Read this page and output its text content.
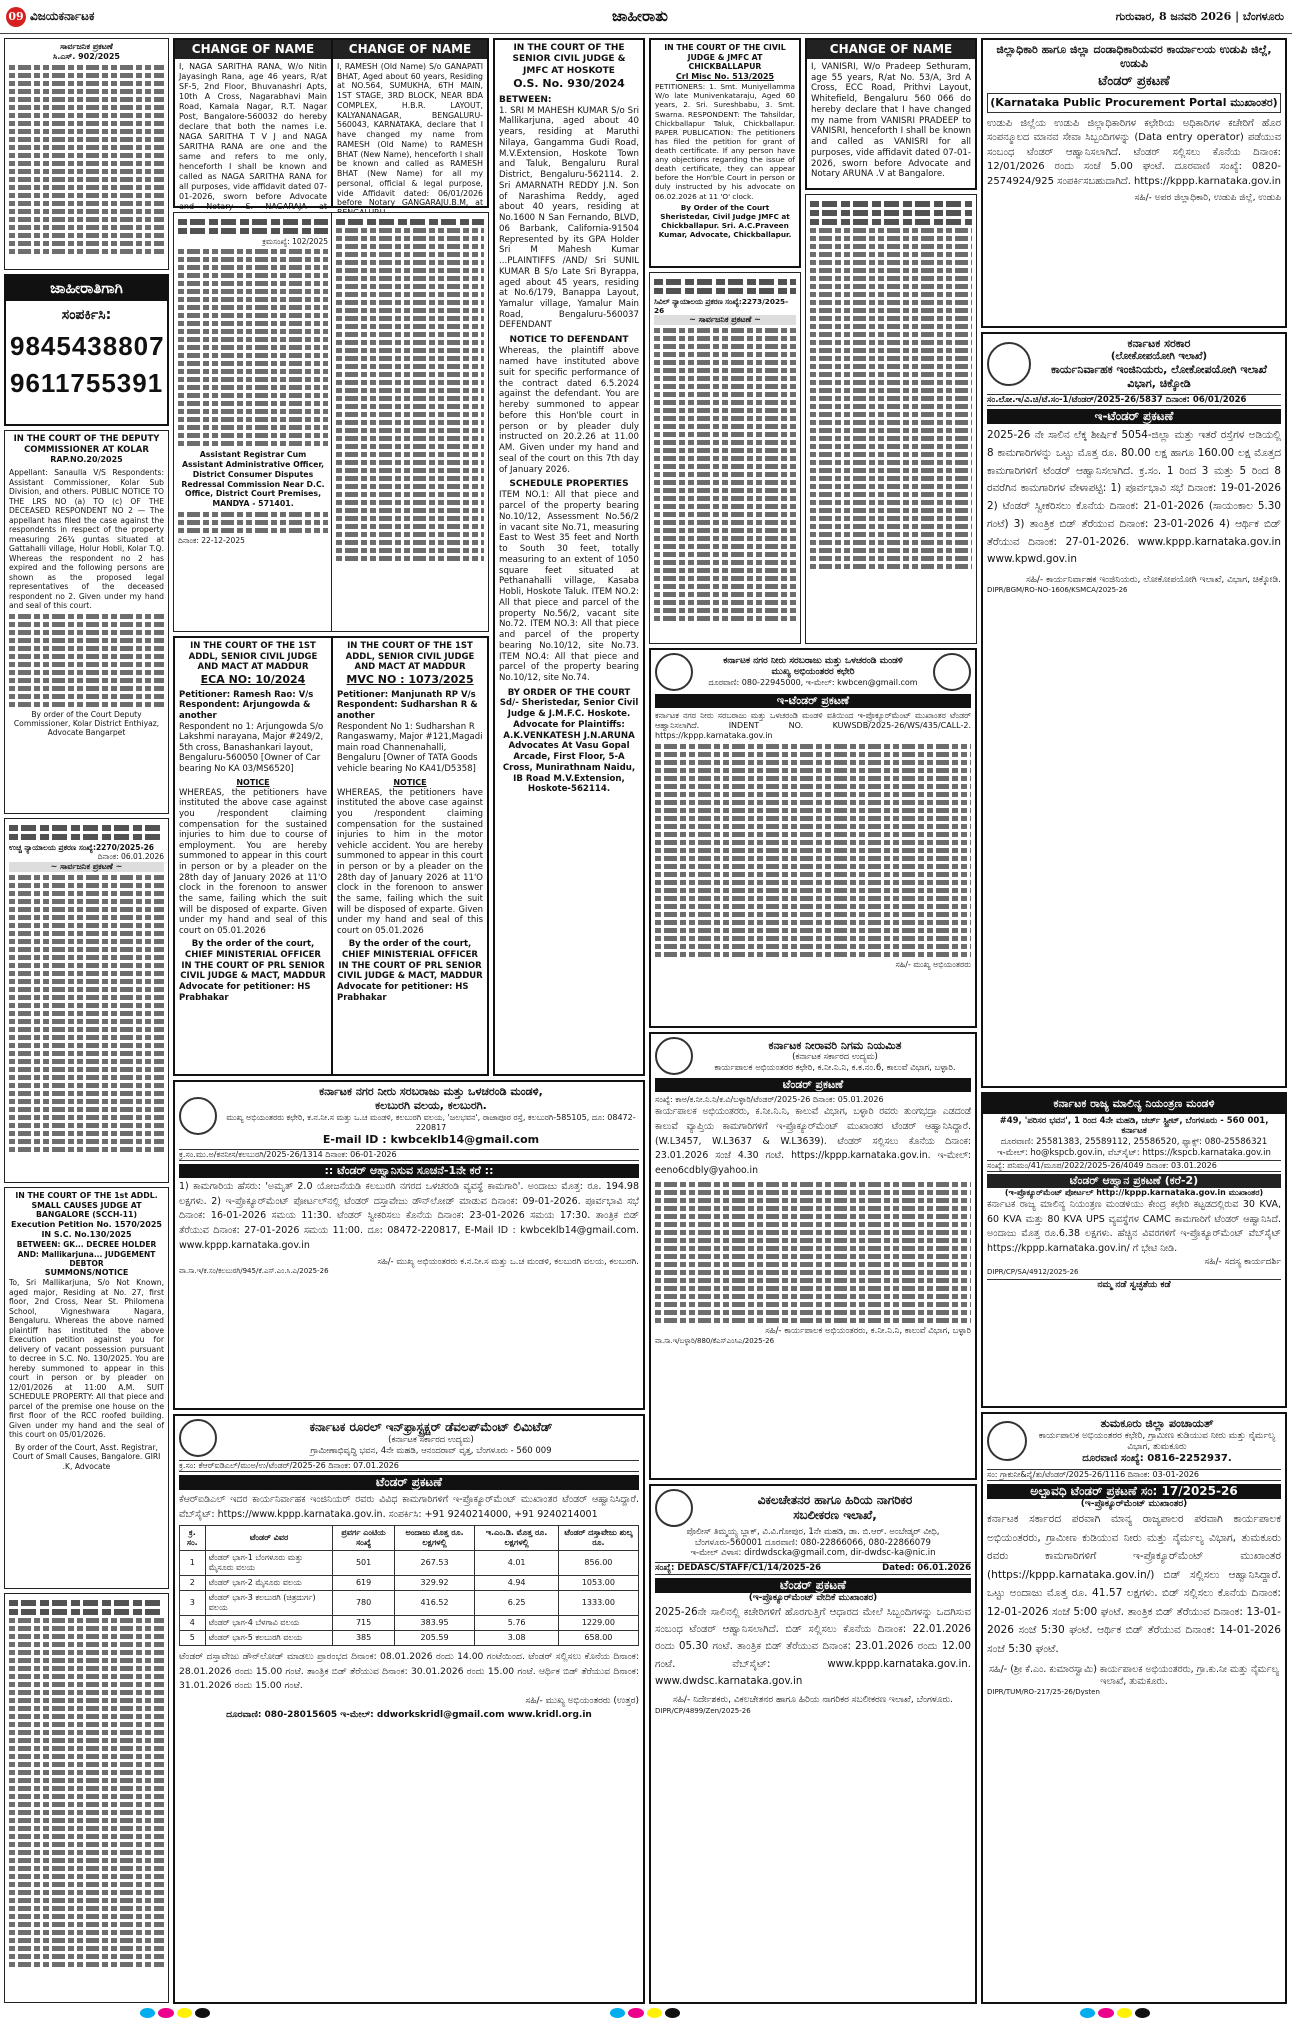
09 ವಿಜಯಕರ್ನಾಟಕ	ಜಾಹೀರಾತು	ಗುರುವಾರ, 8 ಜನವರಿ 2026 | ಬೆಂಗಳೂರು
ಸಾರ್ವಜನಿಕ ಪ್ರಕಟಣೆ
ಸಿ.ಎಸ್. 902/2025
ಜಾಹೀರಾತಿಗಾಗಿ
ಸಂಪರ್ಕಿಸಿ:
9845438807
9611755391
IN THE COURT OF THE DEPUTY COMMISSIONER AT KOLAR
RAP.NO.20/2025
Appellant: Sanaulla V/S Respondents: Assistant Commissioner, Kolar Sub Division, and others. PUBLIC NOTICE TO THE LRS NO (a) TO (c) OF THE DECEASED RESPONDENT NO 2 — The appellant has filed the case against the respondents in respect of the property measuring 26¾ guntas situated at Gattahalli village, Holur Hobli, Kolar T.Q. Whereas the respondent no 2 has expired and the following persons are shown as the proposed legal representatives of the deceased respondent no 2. Given under my hand and seal of this court.
By order of the Court Deputy Commissioner, Kolar District Enthiyaz, Advocate Bangarpet
ಉಚ್ಚ ನ್ಯಾಯಾಲಯ ಪ್ರಕರಣ ಸಂಖ್ಯೆ:2270/2025-26
ದಿನಾಂಕ: 06.01.2026
~ ಸಾರ್ವಜನಿಕ ಪ್ರಕಟಣೆ ~
IN THE COURT OF THE 1st ADDL. SMALL CAUSES JUDGE AT BANGALORE (SCCH-11)
Execution Petition No. 1570/2025 IN S.C. No.130/2025
BETWEEN: GK... DECREE HOLDER AND: Mallikarjuna... JUDGEMENT DEBTOR
SUMMONS/NOTICE
To, Sri Mallikarjuna, S/o Not Known, aged major, Residing at No. 27, first floor, 2nd Cross, Near St. Philomena School, Vigneshwara Nagara, Bengaluru. Whereas the above named plaintiff has instituted the above Execution petition against you for delivery of vacant possession pursuant to decree in S.C. No. 130/2025. You are hereby summoned to appear in this court in person or by pleader on 12/01/2026 at 11:00 A.M. SUIT SCHEDULE PROPERTY: All that piece and parcel of the premise one house on the first floor of the RCC roofed building. Given under my hand and the seal of this court on 05/01/2026.
By order of the Court, Asst. Registrar, Court of Small Causes, Bangalore. GIRI .K, Advocate
CHANGE OF NAME
I, NAGA SARITHA RANA, W/o Nitin Jayasingh Rana, age 46 years, R/at SF-5, 2nd Floor, Bhuvanashri Apts, 10th A Cross, Nagarabhavi Main Road, Kamala Nagar, R.T. Nagar Post, Bangalore-560032 do hereby declare that both the names i.e. NAGA SARITHA T V J and NAGA SARITHA RANA are one and the same and refers to me only, henceforth I shall be known and called as NAGA SARITHA RANA for all purposes, vide affidavit dated 07-01-2026, sworn before Advocate and Notary S. NAGARAJA at
ಕ್ರಮಸಂಖ್ಯೆ: 102/2025
Assistant Registrar Cum Assistant Administrative Officer, District Consumer Disputes Redressal Commission Near D.C. Office, District Court Premises, MANDYA - 571401.
ದಿನಾಂಕ: 22-12-2025
IN THE COURT OF THE 1ST ADDL, SENIOR CIVIL JUDGE AND MACT AT MADDUR
ECA NO: 10/2024
Petitioner: Ramesh Rao: V/s
Respondent: Arjungowda & another
Respondent no 1: Arjungowda S/o Lakshmi narayana, Major #249/2, 5th cross, Banashankari layout, Bengaluru-560050 [Owner of Car bearing No KA 03/MS6520]
NOTICE
WHEREAS, the petitioners have instituted the above case against you /respondent claiming compensation for the sustained injuries to him due to course of employment. You are hereby summoned to appear in this court in person or by a pleader on the 28th day of January 2026 at 11'O clock in the forenoon to answer the same, failing which the suit will be disposed of exparte. Given under my hand and seal of this court on 05.01.2026
By the order of the court, CHIEF MINISTERIAL OFFICER IN THE COURT OF PRL SENIOR CIVIL JUDGE & MACT, MADDUR
Advocate for petitioner: HS Prabhakar
CHANGE OF NAME
I, RAMESH (Old Name) S/o GANAPATI BHAT, Aged about 60 years, Residing at NO.564, SUMUKHA, 6TH MAIN, 1ST STAGE, 3RD BLOCK, NEAR BDA COMPLEX, H.B.R. LAYOUT, KALYANANAGAR, BENGALURU-560043, KARNATAKA, declare that I have changed my name from RAMESH (Old Name) to RAMESH BHAT (New Name), henceforth I shall be known and called as RAMESH BHAT (New Name) for all my personal, official & legal purpose, vide Affidavit dated: 06/01/2026 before Notary GANGARAJU.B.M, at
IN THE COURT OF THE 1ST ADDL, SENIOR CIVIL JUDGE AND MACT AT MADDUR
MVC NO : 1073/2025
Petitioner: Manjunath RP V/s
Respondent: Sudharshan R & another
Respondent No 1: Sudharshan R Rangaswamy, Major #121,Magadi main road Channenahalli, Bengaluru [Owner of TATA Goods vehicle bearing No KA41/D5358]
NOTICE
WHEREAS, the petitioners have instituted the above case against you /respondent claiming compensation for the sustained injuries to him in the motor vehicle accident. You are hereby summoned to appear in this court in person or by a pleader on the 28th day of January 2026 at 11'O clock in the forenoon to answer the same, failing which the suit will be disposed of exparte. Given under my hand and seal of this court on 05.01.2026
By the order of the court, CHIEF MINISTERIAL OFFICER IN THE COURT OF PRL SENIOR CIVIL JUDGE & MACT, MADDUR
Advocate for petitioner: HS Prabhakar
IN THE COURT OF THE SENIOR CIVIL JUDGE & JMFC AT HOSKOTE
O.S. No. 930/2024
BETWEEN:
1. SRI M MAHESH KUMAR S/o Sri Mallikarjuna, aged about 40 years, residing at Maruthi Nilaya, Gangamma Gudi Road, M.V.Extension, Hoskote Town and Taluk, Bengaluru Rural District, Bengaluru-562114. 2. Sri AMARNATH REDDY J.N. Son of Narashima Reddy, aged about 40 years, residing at No.1600 N San Fernando, BLVD, 06 Barbank, California-91504 Represented by its GPA Holder Sri M Mahesh Kumar ...PLAINTIFFS /AND/ Sri SUNIL KUMAR B S/o Late Sri Byrappa, aged about 45 years, residing at No.6/179, Banappa Layout, Yamalur village, Yamalur Main Road, Bengaluru-560037 DEFENDANT
NOTICE TO DEFENDANT
Whereas, the plaintiff above named have instituted above suit for specific performance of the contract dated 6.5.2024 against the defendant. You are hereby summoned to appear before this Hon'ble court in person or by pleader duly instructed on 20.2.26 at 11.00 AM. Given under my hand and seal of the court on this 7th day of January 2026.
SCHEDULE PROPERTIES
ITEM NO.1: All that piece and parcel of the property bearing No.10/12, Assessment No.56/2 in vacant site No.71, measuring East to West 35 feet and North to South 30 feet, totally measuring to an extent of 1050 square feet situated at Pethanahalli village, Kasaba Hobli, Hoskote Taluk. ITEM NO.2: All that piece and parcel of the property No.56/2, vacant site No.72. ITEM NO.3: All that piece and parcel of the property bearing No.10/12, site No.73. ITEM NO.4: All that piece and parcel of the property bearing No.10/12, site No.74.
BY ORDER OF THE COURT Sd/- Sheristedar, Senior Civil Judge & J.M.F.C. Hoskote. Advocate for Plaintiffs: A.K.VENKATESH J.N.ARUNA Advocates At Vasu Gopal Arcade, First Floor, 5-A Cross, Munirathnam Naidu, IB Road M.V.Extension, Hoskote-562114.
IN THE COURT OF THE CIVIL JUDGE & JMFC AT CHICKBALLAPUR
Crl Misc No. 513/2025
PETITIONERS: 1. Smt. Muniyellamma W/o late Munivenkataraju, Aged 60 years, 2. Sri. Sureshbabu, 3. Smt. Swarna. RESPONDENT: The Tahsildar, Chickballapur Taluk, Chickballapur. PAPER PUBLICATION: The petitioners has filed the petition for grant of death certificate. If any person have any objections regarding the issue of death certificate, they can appear before the Hon'ble Court in person or duly instructed by his advocate on 06.02.2026 at 11 'O' clock.
By Order of the Court Sheristedar, Civil Judge JMFC at Chickballapur. Sri. A.C.Praveen Kumar, Advocate, Chickballapur.
ಸಿವಿಲ್ ನ್ಯಾಯಾಲಯ ಪ್ರಕರಣ ಸಂಖ್ಯೆ:2273/2025-26
~ ಸಾರ್ವಜನಿಕ ಪ್ರಕಟಣೆ ~
CHANGE OF NAME
I, VANISRI, W/o Pradeep Sethuram, age 55 years, R/at No. 53/A, 3rd A Cross, ECC Road, Prithvi Layout, Whitefield, Bengaluru 560 066 do hereby declare that I have changed my name from VANISRI PRADEEP to VANISRI, henceforth I shall be known and called as VANISRI for all purposes, vide affidavit dated 07-01-2026, sworn before Advocate and Notary ARUNA .V at Bangalore.
ಕರ್ನಾಟಕ ನಗರ ನೀರು ಸರಬರಾಜು ಮತ್ತು ಒಳಚರಂಡಿ ಮಂಡಳಿ
ಮುಖ್ಯ ಅಭಿಯಂತರರ ಕಛೇರಿ
ದೂರವಾಣಿ: 080-22945000, ಇ-ಮೇಲ್: kwbcen@gmail.com
ಇ-ಟೆಂಡರ್ ಪ್ರಕಟಣೆ
ಕರ್ನಾಟಕ ನಗರ ನೀರು ಸರಬರಾಜು ಮತ್ತು ಒಳಚರಂಡಿ ಮಂಡಳಿ ವತಿಯಿಂದ ಇ-ಪ್ರೊಕ್ಯೂರ್‌ಮೆಂಟ್ ಮುಖಾಂತರ ಟೆಂಡರ್ ಆಹ್ವಾನಿಸಲಾಗಿದೆ. INDENT NO. KUWSDB/2025-26/WS/435/CALL-2. https://kppp.karnataka.gov.in
ಸಹಿ/- ಮುಖ್ಯ ಅಭಿಯಂತರರು
ಜಿಲ್ಲಾಧಿಕಾರಿ ಹಾಗೂ ಜಿಲ್ಲಾ ದಂಡಾಧಿಕಾರಿಯವರ ಕಾರ್ಯಾಲಯ ಉಡುಪಿ ಜಿಲ್ಲೆ, ಉಡುಪಿ
ಟೆಂಡರ್ ಪ್ರಕಟಣೆ
(Karnataka Public Procurement Portal ಮುಖಾಂತರ)
ಉಡುಪಿ ಜಿಲ್ಲೆಯ ಉಡುಪಿ ಜಿಲ್ಲಾಧಿಕಾರಿಗಳ ಕಛೇರಿಯ ಅಧಿಕಾರಿಗಳ ಕಚೇರಿಗೆ ಹೊರ ಸಂಪನ್ಮೂಲದ ಮಾನವ ಸೇವಾ ಸಿಬ್ಬಂದಿಗಳನ್ನು (Data entry operator) ಪಡೆಯುವ ಸಂಬಂಧ ಟೆಂಡರ್ ಆಹ್ವಾನಿಸಲಾಗಿದೆ. ಟೆಂಡರ್ ಸಲ್ಲಿಸಲು ಕೊನೆಯ ದಿನಾಂಕ: 12/01/2026 ರಂದು ಸಂಜೆ 5.00 ಘಂಟೆ. ದೂರವಾಣಿ ಸಂಖ್ಯೆ: 0820-2574924/925 ಸಂಪರ್ಕಿಸಬಹುದಾಗಿದೆ. https://kppp.karnataka.gov.in
ಸಹಿ/- ಅಪರ ಜಿಲ್ಲಾಧಿಕಾರಿ, ಉಡುಪಿ ಜಿಲ್ಲೆ, ಉಡುಪಿ
ಕರ್ನಾಟಕ ಸರಕಾರ
(ಲೋಕೋಪಯೋಗಿ ಇಲಾಖೆ)
ಕಾರ್ಯನಿರ್ವಾಹಕ ಇಂಜಿನಿಯರು, ಲೋಕೋಪಯೋಗಿ ಇಲಾಖೆ ವಿಭಾಗ, ಚಿಕ್ಕೋಡಿ
ಸಂ.ಲೋ.ಇ/ವಿ.ಚಿ/ಟೆ.ಸಂ-1/ಟೆಂಡರ್/2025-26/5837 ದಿನಾಂಕ: 06/01/2026
ಇ-ಟೆಂಡರ್ ಪ್ರಕಟಣೆ
2025-26 ನೇ ಸಾಲಿನ ಲೆಕ್ಕ ಶೀರ್ಷಿಕೆ 5054-ಜಿಲ್ಲಾ ಮತ್ತು ಇತರೆ ರಸ್ತೆಗಳ ಅಡಿಯಲ್ಲಿ 8 ಕಾಮಗಾರಿಗಳನ್ನು ಒಟ್ಟು ಮೊತ್ತ ರೂ. 80.00 ಲಕ್ಷ ಹಾಗೂ 160.00 ಲಕ್ಷ ಮೊತ್ತದ ಕಾಮಗಾರಿಗಳಿಗೆ ಟೆಂಡರ್ ಆಹ್ವಾನಿಸಲಾಗಿದೆ. ಕ್ರ.ಸಂ. 1 ರಿಂದ 3 ಮತ್ತು 5 ರಿಂದ 8 ರವರೆಗಿನ ಕಾಮಗಾರಿಗಳ ವೇಳಾಪಟ್ಟಿ: 1) ಪೂರ್ವಭಾವಿ ಸಭೆ ದಿನಾಂಕ: 19-01-2026 2) ಟೆಂಡರ್ ಸ್ವೀಕರಿಸಲು ಕೊನೆಯ ದಿನಾಂಕ: 21-01-2026 (ಸಾಯಂಕಾಲ 5.30 ಗಂಟೆ) 3) ತಾಂತ್ರಿಕ ಬಿಡ್ ತೆರೆಯುವ ದಿನಾಂಕ: 23-01-2026 4) ಆರ್ಥಿಕ ಬಿಡ್ ತೆರೆಯುವ ದಿನಾಂಕ: 27-01-2026. www.kppp.karnataka.gov.in www.kpwd.gov.in
ಸಹಿ/- ಕಾರ್ಯನಿರ್ವಾಹಕ ಇಂಜಿನಿಯರು, ಲೋಕೋಪಯೋಗಿ ಇಲಾಖೆ, ವಿಭಾಗ, ಚಿಕ್ಕೋಡಿ.
DIPR/BGM/RO-NO-1606/KSMCA/2025-26
ಕರ್ನಾಟಕ ರಾಜ್ಯ ಮಾಲಿನ್ಯ ನಿಯಂತ್ರಣ ಮಂಡಳಿ
#49, 'ಪರಿಸರ ಭವನ', 1 ರಿಂದ 4ನೇ ಮಹಡಿ, ಚರ್ಚ್ ಸ್ಟ್ರೀಟ್, ಬೆಂಗಳೂರು - 560 001, ಕರ್ನಾಟಕ
ದೂರವಾಣಿ: 25581383, 25589112, 25586520, ಫ್ಯಾಕ್ಸ್: 080-25586321
ಇ-ಮೇಲ್: ho@kspcb.gov.in, ವೆಬ್‌ಸೈಟ್: https://kspcb.karnataka.gov.in
ಸಂಖ್ಯೆ: ಪನಿಮಂ/41/ಮೂಪ/2022/2025-26/4049 ದಿನಾಂಕ: 03.01.2026
ಟೆಂಡರ್ ಆಹ್ವಾನ ಪ್ರಕಟಣೆ (ಕರೆ-2)
(ಇ-ಪ್ರೊಕ್ಯೂರ್‌ಮೆಂಟ್ ಪೋರ್ಟಲ್ http://kppp.karnataka.gov.in ಮುಖಾಂತರ)
ಕರ್ನಾಟಕ ರಾಜ್ಯ ಮಾಲಿನ್ಯ ನಿಯಂತ್ರಣ ಮಂಡಳಿಯು ಕೇಂದ್ರ ಕಛೇರಿ ಕಟ್ಟಡದಲ್ಲಿರುವ 30 KVA, 60 KVA ಮತ್ತು 80 KVA UPS ವ್ಯವಸ್ಥೆಗಳ CAMC ಕಾಮಗಾರಿಗೆ ಟೆಂಡರ್ ಆಹ್ವಾನಿಸಿದೆ. ಅಂದಾಜು ಮೊತ್ತ ರೂ.6.38 ಲಕ್ಷಗಳು. ಹೆಚ್ಚಿನ ವಿವರಗಳಿಗೆ ಇ-ಪ್ರೊಕ್ಯೂರ್‌ಮೆಂಟ್ ವೆಬ್‌ಸೈಟ್ https://kppp.karnataka.gov.in/ ಗೆ ಭೇಟಿ ನೀಡಿ.
ಸಹಿ/- ಸದಸ್ಯ ಕಾರ್ಯದರ್ಶಿ
DIPR/CP/SA/4912/2025-26
ನಮ್ಮ ನಡೆ ಸ್ವಚ್ಛತೆಯ ಕಡೆ
ತುಮಕೂರು ಜಿಲ್ಲಾ ಪಂಚಾಯತ್
ಕಾರ್ಯಪಾಲಕ ಅಭಿಯಂತರರ ಕಛೇರಿ, ಗ್ರಾಮೀಣ ಕುಡಿಯುವ ನೀರು ಮತ್ತು ನೈರ್ಮಲ್ಯ ವಿಭಾಗ, ತುಮಕೂರು
ದೂರವಾಣಿ ಸಂಖ್ಯೆ: 0816-2252937.
ಸಂ: ಗ್ರಾಕುನೀ&ನೈ/ತು/ಟೆಂಡರ್/2025-26/1116 ದಿನಾಂಕ: 03-01-2026
ಅಲ್ಪಾವಧಿ ಟೆಂಡರ್ ಪ್ರಕಟಣೆ ಸಂ: 17/2025-26
(ಇ-ಪ್ರೊಕ್ಯೂರ್‌ಮೆಂಟ್ ಮುಖಾಂತರ)
ಕರ್ನಾಟಕ ಸರ್ಕಾರದ ಪರವಾಗಿ ಮಾನ್ಯ ರಾಜ್ಯಪಾಲರ ಪರವಾಗಿ ಕಾರ್ಯಪಾಲಕ ಅಭಿಯಂತರರು, ಗ್ರಾಮೀಣ ಕುಡಿಯುವ ನೀರು ಮತ್ತು ನೈರ್ಮಲ್ಯ ವಿಭಾಗ, ತುಮಕೂರು ರವರು ಕಾಮಗಾರಿಗಳಿಗೆ ಇ-ಪ್ರೊಕ್ಯೂರ್‌ಮೆಂಟ್ ಮುಖಾಂತರ (https://kppp.karnataka.gov.in/) ಬಿಡ್ ಸಲ್ಲಿಸಲು ಆಹ್ವಾನಿಸಿದ್ದಾರೆ. ಒಟ್ಟು ಅಂದಾಜು ಮೊತ್ತ ರೂ. 41.57 ಲಕ್ಷಗಳು. ಬಿಡ್ ಸಲ್ಲಿಸಲು ಕೊನೆಯ ದಿನಾಂಕ: 12-01-2026 ಸಂಜೆ 5:00 ಘಂಟೆ. ತಾಂತ್ರಿಕ ಬಿಡ್ ತೆರೆಯುವ ದಿನಾಂಕ: 13-01-2026 ಸಂಜೆ 5:30 ಘಂಟೆ. ಆರ್ಥಿಕ ಬಿಡ್ ತೆರೆಯುವ ದಿನಾಂಕ: 14-01-2026 ಸಂಜೆ 5:30 ಘಂಟೆ.
ಸಹಿ/- (ಶ್ರೀ ಕೆ.ಎಂ. ಕುಮಾರಸ್ವಾಮಿ) ಕಾರ್ಯಪಾಲಕ ಅಭಿಯಂತರರು, ಗ್ರಾ.ಕು.ನೀ ಮತ್ತು ನೈರ್ಮಲ್ಯ ಇಲಾಖೆ, ತುಮಕೂರು.
DIPR/TUM/RO-217/25-26/Dysten
ಕರ್ನಾಟಕ ನಗರ ನೀರು ಸರಬರಾಜು ಮತ್ತು ಒಳಚರಂಡಿ ಮಂಡಳಿ,
ಕಲಬುರಗಿ ವಲಯ, ಕಲಬುರಗಿ.
ಮುಖ್ಯ ಅಭಿಯಂತರರು ಕಛೇರಿ, ಕ.ನ.ನೀ.ಸ ಮತ್ತು ಒ.ಚ ಮಂಡಳಿ, ಕಲಬುರಗಿ ವಲಯ, 'ಜಲಭವನ', ರಾಜಾಪೂರ ರಸ್ತೆ, ಕಲಬುರಗಿ-585105, ದೂ: 08472-220817
E-mail ID : kwbceklb14@gmail.com
ಕ್ರ.ಸಂ.ಮು.ಅ/ಕನನೀಸ/ಕಲಬುರಗಿ/2025-26/1314 ದಿನಾಂಕ: 06-01-2026
:: ಟೆಂಡರ್ ಆಹ್ವಾನಿಸುವ ಸೂಚನೆ-1ನೇ ಕರೆ ::
1) ಕಾಮಗಾರಿಯ ಹೆಸರು: 'ಅಮೃತ್ 2.0 ಯೋಜನೆಯಡಿ ಕಲಬುರಗಿ ನಗರದ ಒಳಚರಂಡಿ ವ್ಯವಸ್ಥೆ ಕಾಮಗಾರಿ'. ಅಂದಾಜು ಮೊತ್ತ: ರೂ. 194.98 ಲಕ್ಷಗಳು. 2) ಇ-ಪ್ರೊಕ್ಯೂರ್‌ಮೆಂಟ್ ಪೋರ್ಟಲ್‌ನಲ್ಲಿ ಟೆಂಡರ್ ದಸ್ತಾವೇಜು ಡೌನ್‌ಲೋಡ್ ಮಾಡುವ ದಿನಾಂಕ: 09-01-2026. ಪೂರ್ವಭಾವಿ ಸಭೆ ದಿನಾಂಕ: 16-01-2026 ಸಮಯ 11:30. ಟೆಂಡರ್ ಸ್ವೀಕರಿಸಲು ಕೊನೆಯ ದಿನಾಂಕ: 23-01-2026 ಸಮಯ 17:30. ತಾಂತ್ರಿಕ ಬಿಡ್ ತೆರೆಯುವ ದಿನಾಂಕ: 27-01-2026 ಸಮಯ 11:00. ದೂ: 08472-220817, E-Mail ID : kwbceklb14@gmail.com. www.kppp.karnataka.gov.in
ಸಹಿ/- ಮುಖ್ಯ ಅಭಿಯಂತರರು ಕ.ನ.ನೀ.ಸ ಮತ್ತು ಒ.ಚ ಮಂಡಳಿ, ಕಲಬುರಗಿ ವಲಯ, ಕಲಬುರಗಿ.
ವಾ.ಸಾ.ಇ/ಕ.ಸಂ/ಕಲಬುರಗಿ/945/ಕೆ.ಎಸ್.ಎಂ.ಸಿ.ಎ/2025-26
ಕರ್ನಾಟಕ ನೀರಾವರಿ ನಿಗಮ ನಿಯಮಿತ
(ಕರ್ನಾಟಕ ಸರ್ಕಾರದ ಉದ್ಯಮ)
ಕಾರ್ಯಪಾಲಕ ಅಭಿಯಂತರರ ಕಛೇರಿ, ಕ.ನೀ.ನಿ.ನಿ, ಕ.ಕ.ನಂ.6, ಕಾಲುವೆ ವಿಭಾಗ, ಬಳ್ಳಾರಿ.
ಟೆಂಡರ್ ಪ್ರಕಟಣೆ
ಸಂಖ್ಯೆ: ಕಾಅ/ಕ.ನೀ.ನಿ.ನಿ/ಕ.ವಿ/ಬಳ್ಳಾರಿ/ಟೆಂಡರ್/2025-26 ದಿನಾಂಕ: 05.01.2026
ಕಾರ್ಯಪಾಲಕ ಅಭಿಯಂತರರು, ಕ.ನೀ.ನಿ.ನಿ, ಕಾಲುವೆ ವಿಭಾಗ, ಬಳ್ಳಾರಿ ರವರು ತುಂಗಭದ್ರಾ ಎಡದಂಡೆ ಕಾಲುವೆ ವ್ಯಾಪ್ತಿಯ ಕಾಮಗಾರಿಗಳಿಗೆ ಇ-ಪ್ರೊಕ್ಯೂರ್‌ಮೆಂಟ್ ಮುಖಾಂತರ ಟೆಂಡರ್ ಆಹ್ವಾನಿಸಿದ್ದಾರೆ. (W.L3457, W.L3637 & W.L3639). ಟೆಂಡರ್ ಸಲ್ಲಿಸಲು ಕೊನೆಯ ದಿನಾಂಕ: 23.01.2026 ಸಂಜೆ 4.30 ಗಂಟೆ. https://kppp.karnataka.gov.in. ಇ-ಮೇಲ್: eeno6cdbly@yahoo.in
ಸಹಿ/- ಕಾರ್ಯಪಾಲಕ ಅಭಿಯಂತರರು, ಕ.ನೀ.ನಿ.ನಿ, ಕಾಲುವೆ ವಿಭಾಗ, ಬಳ್ಳಾರಿ
ವಾ.ಸಾ.ಇ/ಬಳ್ಳಾರಿ/880/ಕೆಎಸ್‌ಎಂಸಿಎ/2025-26
ಕರ್ನಾಟಕ ರೂರಲ್ ಇನ್‌ಫ್ರಾಸ್ಟ್ರಕ್ಚರ್ ಡೆವಲಪ್‌ಮೆಂಟ್ ಲಿಮಿಟೆಡ್
(ಕರ್ನಾಟಕ ಸರ್ಕಾರದ ಉದ್ಯಮ)
ಗ್ರಾಮೀಣಾಭಿವೃದ್ಧಿ ಭವನ, 4ನೇ ಮಹಡಿ, ಆನಂದರಾವ್ ವೃತ್ತ, ಬೆಂಗಳೂರು - 560 009
ಕ್ರ.ಸಂ: ಕೆಆರ್‌ಐಡಿಎಲ್/ಮುಅ/ಉ/ಟೆಂಡರ್/2025-26 ದಿನಾಂಕ: 07.01.2026
ಟೆಂಡರ್ ಪ್ರಕಟಣೆ
ಕೆಆರ್‌ಐಡಿಎಲ್ ಇದರ ಕಾರ್ಯನಿರ್ವಾಹಕ ಇಂಜಿನಿಯರ್ ರವರು ವಿವಿಧ ಕಾಮಗಾರಿಗಳಿಗೆ ಇ-ಪ್ರೊಕ್ಯೂರ್‌ಮೆಂಟ್ ಮುಖಾಂತರ ಟೆಂಡರ್ ಆಹ್ವಾನಿಸಿದ್ದಾರೆ. ವೆಬ್‌ಸೈಟ್: https://www.kppp.karnataka.gov.in. ಸಂಪರ್ಕಿಸಿ: +91 9240214000, +91 9240214001
ಕ್ರ. ಸಂ.	ಟೆಂಡರ್ ವಿವರ	ಪ್ರವರ್ಗ ಎಂಟಿಯ ಸಂಖ್ಯೆ	ಅಂದಾಜು ಮೊತ್ತ ರೂ. ಲಕ್ಷಗಳಲ್ಲಿ	ಇ.ಎಂ.ಡಿ. ಮೊತ್ತ ರೂ. ಲಕ್ಷಗಳಲ್ಲಿ	ಟೆಂಡರ್ ದಸ್ತಾವೇಜು ಶುಲ್ಕ ರೂ.
1	ಟೆಂಡರ್ ಭಾಗ-1 ಬೆಂಗಳೂರು ಮತ್ತು ಮೈಸೂರು ವಲಯ	501	267.53	4.01	856.00
2	ಟೆಂಡರ್ ಭಾಗ-2 ಮೈಸೂರು ವಲಯ	619	329.92	4.94	1053.00
3	ಟೆಂಡರ್ ಭಾಗ-3 ಕಲಬುರಗಿ (ಚಿತ್ರದುರ್ಗ) ವಲಯ	780	416.52	6.25	1333.00
4	ಟೆಂಡರ್ ಭಾಗ-4 ಬೆಳಗಾವಿ ವಲಯ	715	383.95	5.76	1229.00
5	ಟೆಂಡರ್ ಭಾಗ-5 ಕಲಬುರಗಿ ವಲಯ	385	205.59	3.08	658.00
ಟೆಂಡರ್ ದಸ್ತಾವೇಜು ಡೌನ್‌ಲೋಡ್ ಮಾಡಲು ಪ್ರಾರಂಭದ ದಿನಾಂಕ: 08.01.2026 ರಂದು 14.00 ಗಂಟೆಯಿಂದ. ಟೆಂಡರ್ ಸಲ್ಲಿಸಲು ಕೊನೆಯ ದಿನಾಂಕ: 28.01.2026 ರಂದು 15.00 ಗಂಟೆ. ತಾಂತ್ರಿಕ ಬಿಡ್ ತೆರೆಯುವ ದಿನಾಂಕ: 30.01.2026 ರಂದು 15.00 ಗಂಟೆ. ಆರ್ಥಿಕ ಬಿಡ್ ತೆರೆಯುವ ದಿನಾಂಕ: 31.01.2026 ರಂದು 15.00 ಗಂಟೆ.
ಸಹಿ/- ಮುಖ್ಯ ಅಭಿಯಂತರರು (ಉತ್ತರ)
ದೂರವಾಣಿ: 080-28015605 ಇ-ಮೇಲ್: ddworkskridl@gmail.com www.kridl.org.in
ವಿಕಲಚೇತನರ ಹಾಗೂ ಹಿರಿಯ ನಾಗರಿಕರ
ಸಬಲೀಕರಣ ಇಲಾಖೆ,
ಪೊಲೀಸ್ ತಿಮ್ಮಯ್ಯ ಬ್ಲಾಕ್, ವಿ.ವಿ.ಗೋಪುರ, 1ನೇ ಮಹಡಿ, ಡಾ. ಬಿ.ಆರ್. ಅಂಬೇಡ್ಕರ್ ವೀಧಿ, ಬೆಂಗಳೂರು-560001 ದೂರವಾಣಿ: 080-22866066, 080-22866079
ಇ-ಮೇಲ್ ವಿಳಾಸ: dirdwdscka@gmail.com, dir-dwdsc-ka@nic.in
ಸಂಖ್ಯೆ: DEDASC/STAFF/C1/14/2025-26	Dated: 06.01.2026
ಟೆಂಡರ್ ಪ್ರಕಟಣೆ
(ಇ-ಪ್ರೊಕ್ಯೂರ್‌ಮೆಂಟ್ ವೇದಿಕೆ ಮುಖಾಂತರ)
2025-26ನೇ ಸಾಲಿನಲ್ಲಿ ಕಚೇರಿಗಳಿಗೆ ಹೊರಗುತ್ತಿಗೆ ಆಧಾರದ ಮೇಲೆ ಸಿಬ್ಬಂದಿಗಳನ್ನು ಒದಗಿಸುವ ಸಂಬಂಧ ಟೆಂಡರ್ ಆಹ್ವಾನಿಸಲಾಗಿದೆ. ಬಿಡ್ ಸಲ್ಲಿಸಲು ಕೊನೆಯ ದಿನಾಂಕ: 22.01.2026 ರಂದು 05.30 ಗಂಟೆ. ತಾಂತ್ರಿಕ ಬಿಡ್ ತೆರೆಯುವ ದಿನಾಂಕ: 23.01.2026 ರಂದು 12.00 ಗಂಟೆ. ವೆಬ್‌ಸೈಟ್: www.kppp.karnataka.gov.in. www.dwdsc.karnataka.gov.in
ಸಹಿ/- ನಿರ್ದೇಶಕರು, ವಿಕಲಚೇತನರ ಹಾಗೂ ಹಿರಿಯ ನಾಗರಿಕರ ಸಬಲೀಕರಣ ಇಲಾಖೆ, ಬೆಂಗಳೂರು.
DIPR/CP/4899/Zen/2025-26
